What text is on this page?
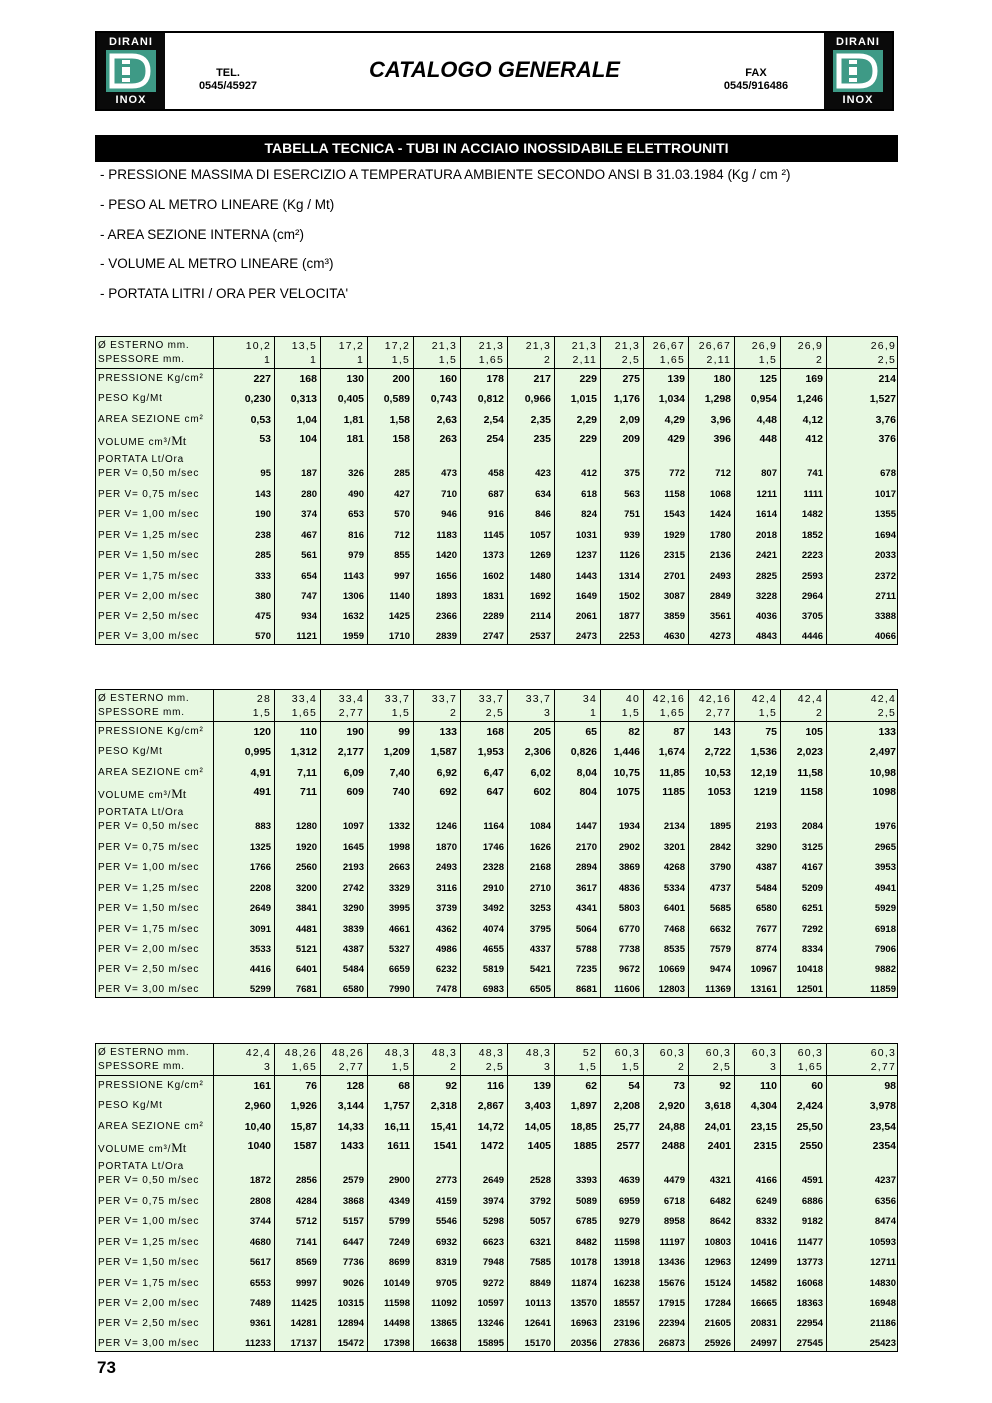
DIRANI
INOX
TEL.
0545/45927
CATALOGO GENERALE	FAX
0545/916486
DIRANI
INOX
TABELLA TECNICA - TUBI IN ACCIAIO INOSSIDABILE ELETTROUNITI
- PRESSIONE MASSIMA DI ESERCIZIO A TEMPERATURA AMBIENTE SECONDO ANSI B 31.03.1984 (Kg / cm ²)
- PESO AL METRO LINEARE (Kg / Mt)
- AREA SEZIONE INTERNA (cm²)
- VOLUME AL METRO LINEARE (cm³)
- PORTATA LITRI / ORA PER VELOCITA'
Ø ESTERNO mm.	10,2	13,5	17,2	17,2	21,3	21,3	21,3	21,3	21,3	26,67	26,67	26,9	26,9	26,9
SPESSORE mm.	1	1	1	1,5	1,5	1,65	2	2,11	2,5	1,65	2,11	1,5	2	2,5
PRESSIONE Kg/cm²	227	168	130	200	160	178	217	229	275	139	180	125	169	214
PESO Kg/Mt	0,230	0,313	0,405	0,589	0,743	0,812	0,966	1,015	1,176	1,034	1,298	0,954	1,246	1,527
AREA SEZIONE cm²	0,53	1,04	1,81	1,58	2,63	2,54	2,35	2,29	2,09	4,29	3,96	4,48	4,12	3,76
VOLUME cm³/Mt	53	104	181	158	263	254	235	229	209	429	396	448	412	376
PORTATA Lt/Ora
PER V= 0,50 m/sec	95	187	326	285	473	458	423	412	375	772	712	807	741	678
PER V= 0,75 m/sec	143	280	490	427	710	687	634	618	563	1158	1068	1211	1111	1017
PER V= 1,00 m/sec	190	374	653	570	946	916	846	824	751	1543	1424	1614	1482	1355
PER V= 1,25 m/sec	238	467	816	712	1183	1145	1057	1031	939	1929	1780	2018	1852	1694
PER V= 1,50 m/sec	285	561	979	855	1420	1373	1269	1237	1126	2315	2136	2421	2223	2033
PER V= 1,75 m/sec	333	654	1143	997	1656	1602	1480	1443	1314	2701	2493	2825	2593	2372
PER V= 2,00 m/sec	380	747	1306	1140	1893	1831	1692	1649	1502	3087	2849	3228	2964	2711
PER V= 2,50 m/sec	475	934	1632	1425	2366	2289	2114	2061	1877	3859	3561	4036	3705	3388
PER V= 3,00 m/sec	570	1121	1959	1710	2839	2747	2537	2473	2253	4630	4273	4843	4446	4066
Ø ESTERNO mm.	28	33,4	33,4	33,7	33,7	33,7	33,7	34	40	42,16	42,16	42,4	42,4	42,4
SPESSORE mm.	1,5	1,65	2,77	1,5	2	2,5	3	1	1,5	1,65	2,77	1,5	2	2,5
PRESSIONE Kg/cm²	120	110	190	99	133	168	205	65	82	87	143	75	105	133
PESO Kg/Mt	0,995	1,312	2,177	1,209	1,587	1,953	2,306	0,826	1,446	1,674	2,722	1,536	2,023	2,497
AREA SEZIONE cm²	4,91	7,11	6,09	7,40	6,92	6,47	6,02	8,04	10,75	11,85	10,53	12,19	11,58	10,98
VOLUME cm³/Mt	491	711	609	740	692	647	602	804	1075	1185	1053	1219	1158	1098
PORTATA Lt/Ora
PER V= 0,50 m/sec	883	1280	1097	1332	1246	1164	1084	1447	1934	2134	1895	2193	2084	1976
PER V= 0,75 m/sec	1325	1920	1645	1998	1870	1746	1626	2170	2902	3201	2842	3290	3125	2965
PER V= 1,00 m/sec	1766	2560	2193	2663	2493	2328	2168	2894	3869	4268	3790	4387	4167	3953
PER V= 1,25 m/sec	2208	3200	2742	3329	3116	2910	2710	3617	4836	5334	4737	5484	5209	4941
PER V= 1,50 m/sec	2649	3841	3290	3995	3739	3492	3253	4341	5803	6401	5685	6580	6251	5929
PER V= 1,75 m/sec	3091	4481	3839	4661	4362	4074	3795	5064	6770	7468	6632	7677	7292	6918
PER V= 2,00 m/sec	3533	5121	4387	5327	4986	4655	4337	5788	7738	8535	7579	8774	8334	7906
PER V= 2,50 m/sec	4416	6401	5484	6659	6232	5819	5421	7235	9672	10669	9474	10967	10418	9882
PER V= 3,00 m/sec	5299	7681	6580	7990	7478	6983	6505	8681	11606	12803	11369	13161	12501	11859
Ø ESTERNO mm.	42,4	48,26	48,26	48,3	48,3	48,3	48,3	52	60,3	60,3	60,3	60,3	60,3	60,3
SPESSORE mm.	3	1,65	2,77	1,5	2	2,5	3	1,5	1,5	2	2,5	3	1,65	2,77
PRESSIONE Kg/cm²	161	76	128	68	92	116	139	62	54	73	92	110	60	98
PESO Kg/Mt	2,960	1,926	3,144	1,757	2,318	2,867	3,403	1,897	2,208	2,920	3,618	4,304	2,424	3,978
AREA SEZIONE cm²	10,40	15,87	14,33	16,11	15,41	14,72	14,05	18,85	25,77	24,88	24,01	23,15	25,50	23,54
VOLUME cm³/Mt	1040	1587	1433	1611	1541	1472	1405	1885	2577	2488	2401	2315	2550	2354
PORTATA Lt/Ora
PER V= 0,50 m/sec	1872	2856	2579	2900	2773	2649	2528	3393	4639	4479	4321	4166	4591	4237
PER V= 0,75 m/sec	2808	4284	3868	4349	4159	3974	3792	5089	6959	6718	6482	6249	6886	6356
PER V= 1,00 m/sec	3744	5712	5157	5799	5546	5298	5057	6785	9279	8958	8642	8332	9182	8474
PER V= 1,25 m/sec	4680	7141	6447	7249	6932	6623	6321	8482	11598	11197	10803	10416	11477	10593
PER V= 1,50 m/sec	5617	8569	7736	8699	8319	7948	7585	10178	13918	13436	12963	12499	13773	12711
PER V= 1,75 m/sec	6553	9997	9026	10149	9705	9272	8849	11874	16238	15676	15124	14582	16068	14830
PER V= 2,00 m/sec	7489	11425	10315	11598	11092	10597	10113	13570	18557	17915	17284	16665	18363	16948
PER V= 2,50 m/sec	9361	14281	12894	14498	13865	13246	12641	16963	23196	22394	21605	20831	22954	21186
PER V= 3,00 m/sec	11233	17137	15472	17398	16638	15895	15170	20356	27836	26873	25926	24997	27545	25423
73
